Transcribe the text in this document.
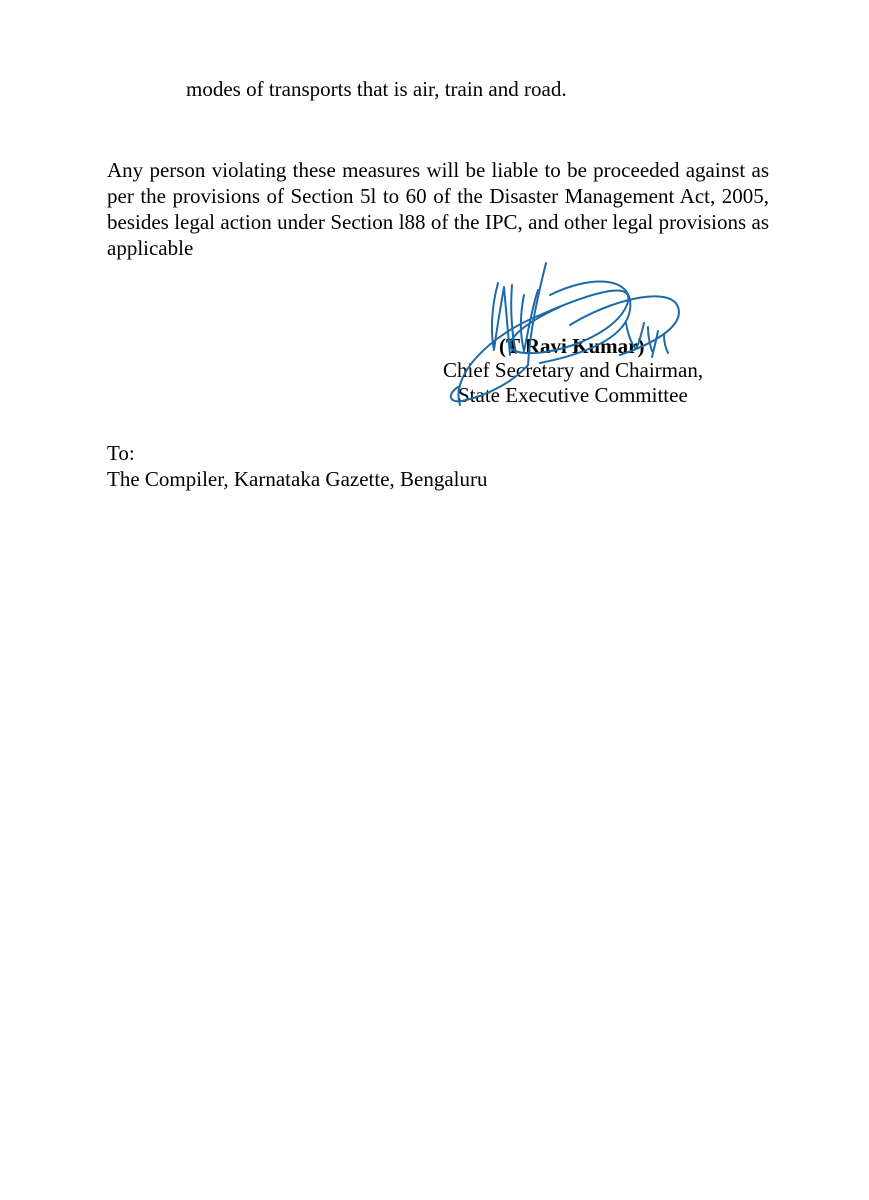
modes of transports that is air, train and road.
Any person violating these measures will be liable to be proceeded against as per the provisions of Section 5l to 60 of the Disaster Management Act, 2005, besides legal action under Section l88 of the IPC, and other legal provisions as applicable
(T Ravi Kumar)
Chief Secretary and Chairman,
State Executive Committee
To:
The Compiler, Karnataka Gazette, Bengaluru
